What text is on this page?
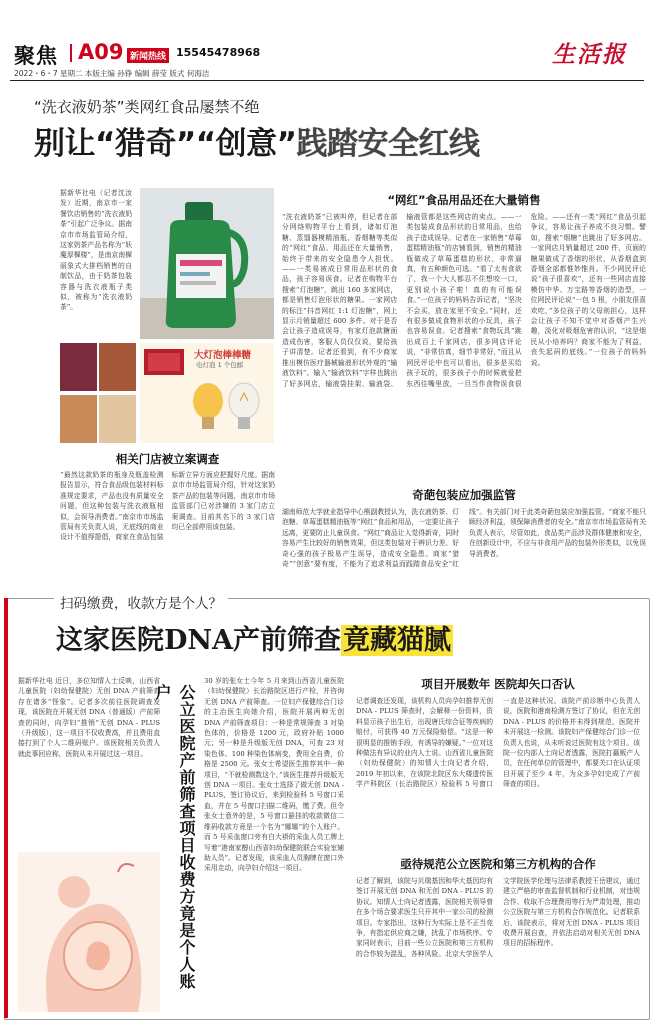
聚焦 A09 新闻热线 15545478968	生活报
2022・6・7 星期二 本版主编 孙铮 编辑 薛莹 版式 何海洁
“洗衣液奶茶”类网红食品屡禁不绝
别让“猎奇”“创意”践踏安全红线
据新华社电（记者沈汝发）近期，南京市一家餐饮店销售的“洗衣液奶茶”引起广泛争议。据南京市市场监管局介绍，这家奶茶产品名称为“妖魔厚樨楼”，是南京南樨丽象式大排档销售的自制饮品，由于奶茶包装容器与洗衣液瓶子类似，被称为“洗衣液奶茶”。
大灯泡棒棒糖
电灯泡 1 个包邮
相关门店被立案调查
“最然这款奶茶的瓶身及瓶盖检测报告显示，符合食品级包装材料标准规定要求，产品也没有质量安全问题，但这种包装与洗衣液瓶相似，会误导消费者。”南京市市场监管局有关负责人说，无底线的商业设计不值得提倡，商家在食品包装标新立异方面应把握好尺度。据南京市市场监管局介绍，针对这家奶茶产品的包装等问题，南京市市场监管部门已对涉嫌的 3 家门店立案调查。目前其名下的 3 家门店均已全部停用该包装。
“网红”食品用品还在大量销售
“洗衣液奶茶”已被叫停，但记者在部分网络购物平台上看到，诸如灯泡糖、蒸馏器模精油瓶、香烟糖等类似的“网红”食品、用品还在大量销售，始终于带来的安全隐患令人担忧。——一类易被成日常用品形状的食品，孩子容易误食。记者在购物平台搜索“灯泡糖”，跳出 160 多家网店，都是销售灯泡形状的糖果。一家网店的标注“抖音网红 1:1 灯泡糖”，网上显示月销量超过 600 多件。对于是否会让孩子造成误导，有家灯泡款糖面造成伤害，客服人员仅仅说，要给孩子讲清楚。记者还看到，有不少商家推出模仿医疗器械输液形状外观的“输液饮料”。输入“输液饮料”字样也跳出了好多网店，输液袋挂架、输液袋、输液管都是这些网店的卖点。——一类包装成食品形状的日常用品，也给孩子造成误导。记者在一家销售“草莓蛋糕精油瓶”的店铺看到，销售的精油瓶做成了草莓蛋糕的形状，非常逼真，有五种颜色可选。“看了太有食欲了，我一个大人都忍不住想咬一口，更别说小孩子啦！真的有可能误食。”一位孩子的妈妈告诉记者，“坚决不会买，放在家里不安全。”同时，还有很多做成食物形状的小玩具，孩子也容易误食。记者搜索“食物玩具”跳出成百上千家网店，很多网店评论说，“非常仿真，细节非常好，”而且从网民评论中也可以看出，很多是买给孩子玩的，很多孩子小的时候就爱把东西往嘴里放，一旦当作食物误食很危险。——还有一类“网红”食品引起争议，容易让孩子养成不良习惯。譬如，搜索“烟糖”也跳出了好多网店。一家网店月销量超过 200 件，页面的糖果做成了香烟的形状，从香烟盒到香烟全部都惟妙惟肖。不少网民评论说“孩子很喜欢”，还有一些网店直接模仿中华、万宝路等香烟的造型，一位网民评论说“一包 5 根，小朋友很喜欢吃，”多位孩子的父母则担心，这样会让孩子不知不觉中对香烟产生兴趣，淡化对吸烟危害的认识，“这是烟民从小培养吗？商家不能为了利益，丧失起码的底线。”一位孩子的妈妈说。
奇葩包装应加强监管
湖南师范大学就业指导中心熊副教授认为，洗衣液奶茶、灯泡糖、草莓蛋糕精油瓶等“网红”食品和用品，一定要让孩子远离，更要防止儿童误食。“网红”商品让人觉得新奇，同时容易产生比较好的销售效果，但这类包装对于辨识力差、好奇心强的孩子极易产生误导，造成安全隐患。商家“猎奇”“创意”要有度，不能为了追求利益而践踏食品安全“红线”。有关部门对于此类奇葩包装应加强监管。“商家不能只顾经济利益，须保障消费者的安全。”南京市市场监管局有关负责人表示，尽管如此，食品类产品涉及群体健康和安全，在创新设计中，不应与非食用产品的包装外形类似，以免误导消费者。
扫码缴费，收款方是个人？
这家医院DNA产前筛查竟藏猫腻
据新华社电 近日，多位知情人士反映，山西省儿童医院（妇幼保健院）无创 DNA 产前筛查存在诸多“怪象”。记者多次前往医院调查发现，该医院在开展无创 DNA（普通版）产前筛查的同时，向孕妇“推销”无创 DNA - PLUS（升级版），这一项目不仅收费高，并且费用直接打到了个人二维码账户。该医院相关负责人就此事回应称，医院从未开展过这一项目。	公立医院产前筛查项目收费方竟是个人账户
30 岁的张女士今年 5 月来到山西省儿童医院（妇幼保健院）长治路院区进行产检，并咨询无创 DNA 产前筛查。一位妇产保健综合门诊的主治医生向她介绍，医院开展两种无创 DNA 产前筛查项目：一种是常规筛查 3 对染色体的，价格是 1200 元，政府补贴 1000 元；另一种是升级版无创 DNA，可查 23 对染色体、100 种染色体病变，费用全自费，价格是 2500 元。张女士希望医生推荐其中一种项目，“不就检测数这个，”该医生推荐升级版无创 DNA 一项目。张女士选择了做无创 DNA - PLUS，签订协议后，来到检验科 5 号窗口采血，并在 5 号窗口扫描二维码，缴了费。但令张女士意外的是，5 号窗口悬挂的收款微信二维码收款方竟是一个名为“娜娜”的个人账户。而 5 号采血窗口旁有白大褂的采血人员工牌上写着“港南家醇山西省妇幼保健院联合实验室辅助人员”。记者发现，该采血人员胸牌在窗口外采用走动，向孕妇介绍这一项目。
项目开展数年 医院却矢口否认
记者调查还发现，该机构人员向孕妇推荐无创 DNA - PLUS 筛查时，会解释一份资料，资料显示孩子出生后，出现唐氏综合征等疾病的赔付，可获得 40 万元保险赔偿。“这是一种很明显的推销手段，有诱导的嫌疑。”一位对这种做法有异议的业内人士说。山西省儿童医院（妇幼保健院）的知情人士向记者介绍，2019 年初以来，在该院北院区东大楼遗传医学产科院区（长治路院区）检验科 5 号窗口一直是这种状况。该院产前诊断中心负责人说，医院和港南检测方签订了协议，但在无创 DNA - PLUS 的价格并未得到规范，医院并未开展这一检测。该院妇产保健综合门诊一位负责人也说，从未听说过医院有这个项目。该院一位内部人士向记者透露，医院打赢贩产人员，在任何单位的管理中，都要关口在认证项目开展了至少 4 年，为众多孕妇完成了产前筛查的项目。
亟待规范公立医院和第三方机构的合作
记者了解到，该院与贝瑞基因和华大基因均有签订开展无创 DNA 和无创 DNA - PLUS 的协议。知情人士向记者透露，医院相关领导曾在多个场合要求医生只开其中一家公司的检测项目。专家指出，这种行为实际上是不正当竞争，有指定供应商之嫌，扰乱了市场秩序。专家同时表示，目前一些公立医院和第三方机构的合作较为混乱，各种风险。北京大学医学人文学院医学伦理与法律系教授王岳建议，通过建立严格的审查监督机制和行业机制，对违规合作、收取不合理费用等行为严肃处理，推动公立医院与第三方机构合作规范化。记者联系后，该院表示，将对无创 DNA - PLUS 项目收费开展自查，并依法启动对相关无创 DNA 项目的招标程序。
